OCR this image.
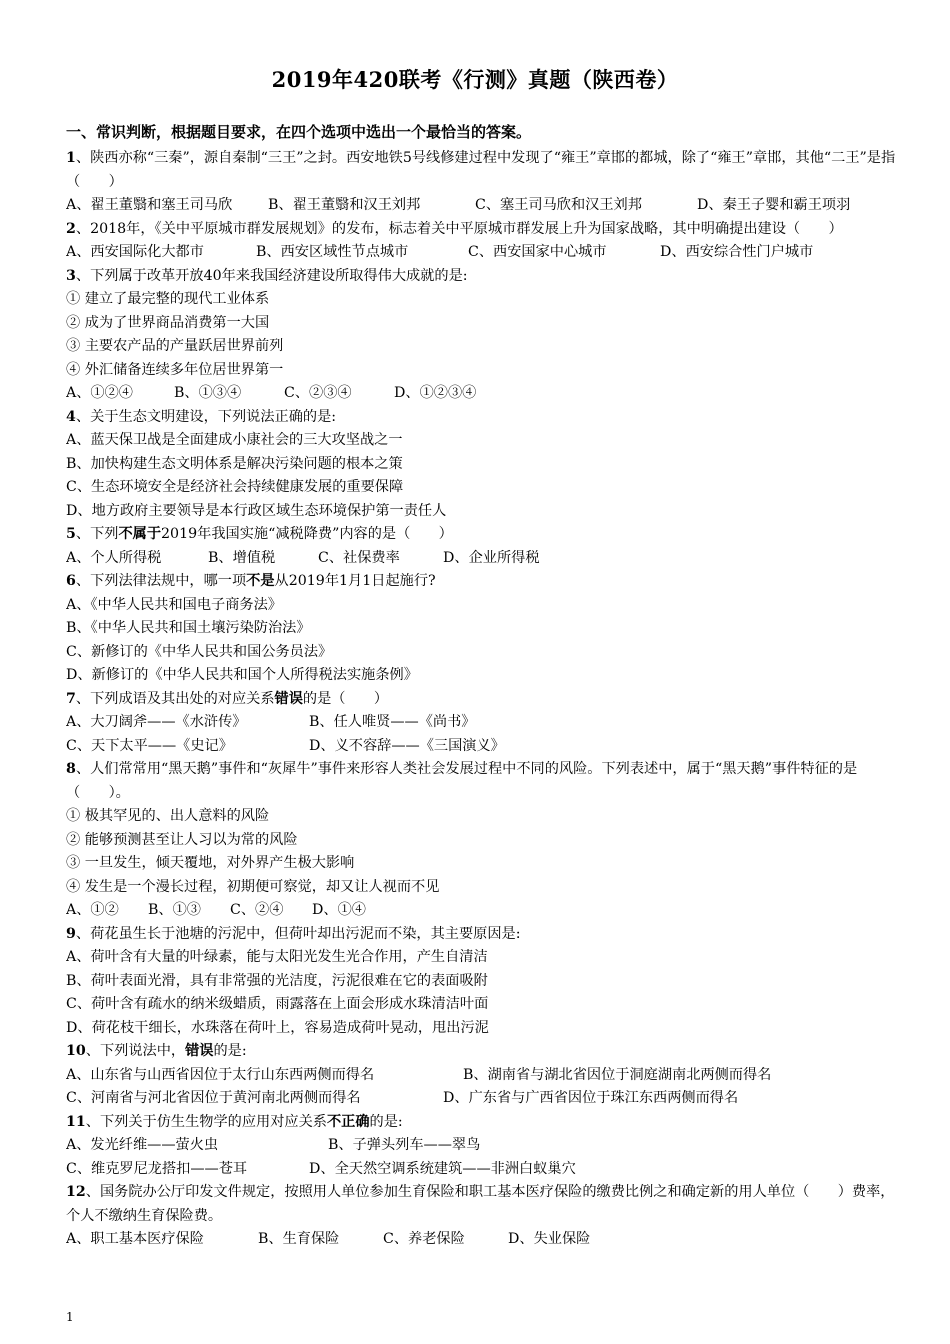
2019年420联考《行测》真题（陕西卷）
一、常识判断，根据题目要求，在四个选项中选出一个最恰当的答案。
1、陕西亦称“三秦”，源自秦制“三王”之封。西安地铁5号线修建过程中发现了“雍王”章邯的都城，除了“雍王”章邯，其他“二王”是指（　　）
A、翟王董翳和塞王司马欣	B、翟王董翳和汉王刘邦	C、塞王司马欣和汉王刘邦	D、秦王子婴和霸王项羽
2、2018年，《关中平原城市群发展规划》的发布，标志着关中平原城市群发展上升为国家战略，其中明确提出建设（　　）
A、西安国际化大都市	B、西安区域性节点城市	C、西安国家中心城市	D、西安综合性门户城市
3、下列属于改革开放40年来我国经济建设所取得伟大成就的是:
① 建立了最完整的现代工业体系
② 成为了世界商品消费第一大国
③ 主要农产品的产量跃居世界前列
④ 外汇储备连续多年位居世界第一
A、①②④	B、①③④	C、②③④	D、①②③④
4、关于生态文明建设，下列说法正确的是:
A、蓝天保卫战是全面建成小康社会的三大攻坚战之一
B、加快构建生态文明体系是解决污染问题的根本之策
C、生态环境安全是经济社会持续健康发展的重要保障
D、地方政府主要领导是本行政区域生态环境保护第一责任人
5、下列不属于2019年我国实施“减税降费”内容的是（　　）
A、个人所得税	B、增值税	C、社保费率	D、企业所得税
6、下列法律法规中，哪一项不是从2019年1月1日起施行?
A、《中华人民共和国电子商务法》
B、《中华人民共和国土壤污染防治法》
C、新修订的《中华人民共和国公务员法》
D、新修订的《中华人民共和国个人所得税法实施条例》
7、下列成语及其出处的对应关系错误的是（　　）
A、大刀阔斧——《水浒传》	B、任人唯贤——《尚书》
C、天下太平——《史记》	D、义不容辞——《三国演义》
8、人们常常用“黑天鹅”事件和“灰犀牛”事件来形容人类社会发展过程中不同的风险。下列表述中，属于“黑天鹅”事件特征的是（　　）。
① 极其罕见的、出人意料的风险
② 能够预测甚至让人习以为常的风险
③ 一旦发生，倾天覆地，对外界产生极大影响
④ 发生是一个漫长过程，初期便可察觉，却又让人视而不见
A、①② B、①③ C、②④ D、①④
9、荷花虽生长于池塘的污泥中，但荷叶却出污泥而不染，其主要原因是:
A、荷叶含有大量的叶绿素，能与太阳光发生光合作用，产生自清洁
B、荷叶表面光滑，具有非常强的光洁度，污泥很难在它的表面吸附
C、荷叶含有疏水的纳米级蜡质，雨露落在上面会形成水珠清洁叶面
D、荷花枝干细长，水珠落在荷叶上，容易造成荷叶晃动，甩出污泥
10、下列说法中，错误的是:
A、山东省与山西省因位于太行山东西两侧而得名	B、湖南省与湖北省因位于洞庭湖南北两侧而得名
C、河南省与河北省因位于黄河南北两侧而得名	D、广东省与广西省因位于珠江东西两侧而得名
11、下列关于仿生生物学的应用对应关系不正确的是:
A、发光纤维——萤火虫	B、子弹头列车——翠鸟
C、维克罗尼龙搭扣——苍耳	D、全天然空调系统建筑——非洲白蚁巢穴
12、国务院办公厅印发文件规定，按照用人单位参加生育保险和职工基本医疗保险的缴费比例之和确定新的用人单位（　　）费率，个人不缴纳生育保险费。
A、职工基本医疗保险	B、生育保险	C、养老保险	D、失业保险
1
